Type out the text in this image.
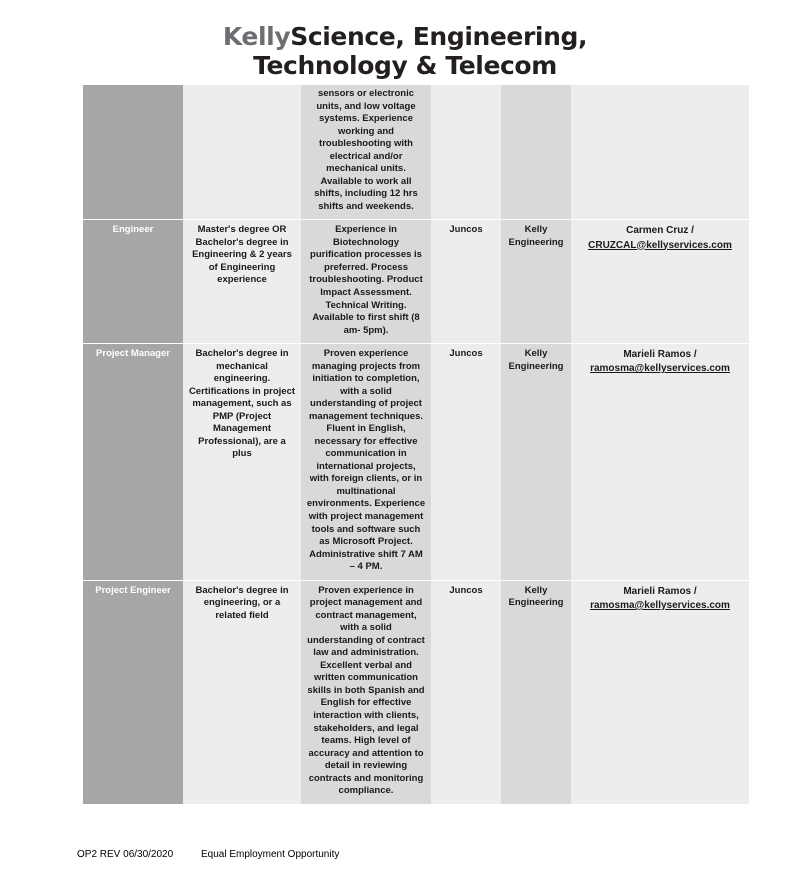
KellyScience, Engineering,
Technology & Telecom
		sensors or electronic units, and low voltage systems. Experience working and troubleshooting with electrical and/or mechanical units. Available to work all shifts, including 12 hrs shifts and weekends.			

Engineer	Master's degree OR Bachelor's degree in Engineering & 2 years of Engineering experience	Experience in Biotechnology purification processes is preferred. Process troubleshooting. Product Impact Assessment. Technical Writing. Available to first shift (8 am- 5pm).	Juncos	Kelly Engineering	Carmen Cruz /
CRUZCAL@kellyservices.com

Project Manager	Bachelor's degree in mechanical engineering. Certifications in project management, such as PMP (Project Management Professional), are a plus	Proven experience managing projects from initiation to completion, with a solid understanding of project management techniques. Fluent in English, necessary for effective communication in international projects, with foreign clients, or in multinational environments. Experience with project management tools and software such as Microsoft Project. Administrative shift 7 AM – 4 PM.	Juncos	Kelly Engineering	Marieli Ramos /
ramosma@kellyservices.com

Project Engineer	Bachelor's degree in engineering, or a related field	Proven experience in project management and contract management, with a solid understanding of contract law and administration. Excellent verbal and written communication skills in both Spanish and English for effective interaction with clients, stakeholders, and legal teams. High level of accuracy and attention to detail in reviewing contracts and monitoring compliance.	Juncos	Kelly Engineering	Marieli Ramos /
ramosma@kellyservices.com
OP2 REV 06/30/2020	Equal Employment Opportunity
